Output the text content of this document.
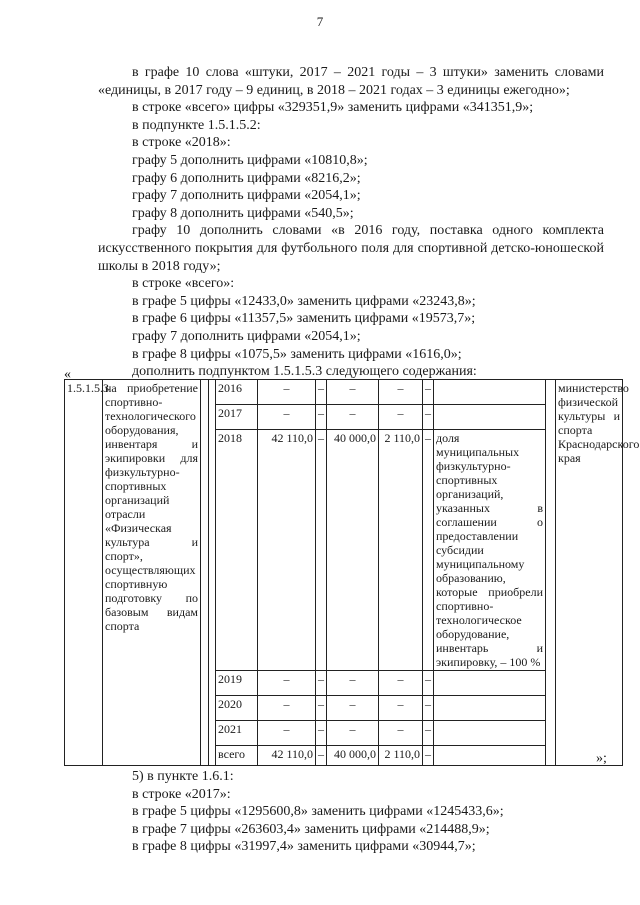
7

в графе 10 слова «штуки, 2017 – 2021 годы – 3 штуки» заменить словами «единицы, в 2017 году – 9 единиц, в 2018 – 2021 годах – 3 единицы ежегодно»;

в строке «всего» цифры «329351,9» заменить цифрами «341351,9»;

в подпункте 1.5.1.5.2:

в строке «2018»:

графу 5 дополнить цифрами «10810,8»;

графу 6 дополнить цифрами «8216,2»;

графу 7 дополнить цифрами «2054,1»;

графу 8 дополнить цифрами «540,5»;

графу 10 дополнить словами «в 2016 году, поставка одного комплекта искусственного покрытия для футбольного поля для спортивной детско-юношеской школы в 2018 году»;

в строке «всего»:

в графе 5 цифры «12433,0» заменить цифрами «23243,8»;

в графе 6 цифры «11357,5» заменить цифрами «19573,7»;

графу 7 дополнить цифрами «2054,1»;

в графе 8 цифры «1075,5» заменить цифрами «1616,0»;

дополнить подпунктом 1.5.1.5.3 следующего содержания:

«
1.5.1.5.3	на приобретение спортивно-технологического оборудования, инвентаря и экипировки для физкультурно-спортивных организаций отрасли «Физическая культура и спорт», осуществляющих спортивную подготовку по базовым видам спорта			2016	–	–	–	–	–			министерство физической культуры и спорта Краснодарского края
				2017	–	–	–	–	–			
				2018	42 110,0	–	40 000,0	2 110,0	–	доля муниципальных физкультурно-спортивных организаций, указанных в соглашении о предоставлении субсидии муниципальному образованию, которые приобрели спортивно-технологическое оборудование, инвентарь и экипировку, – 100 %		
				2019	–	–	–	–	–			
				2020	–	–	–	–	–			
				2021	–	–	–	–	–			
				всего	42 110,0	–	40 000,0	2 110,0	–				»;

5) в пункте 1.6.1:

в строке «2017»:

в графе 5 цифры «1295600,8» заменить цифрами «1245433,6»;

в графе 7 цифры «263603,4» заменить цифрами «214488,9»;

в графе 8 цифры «31997,4» заменить цифрами «30944,7»;
